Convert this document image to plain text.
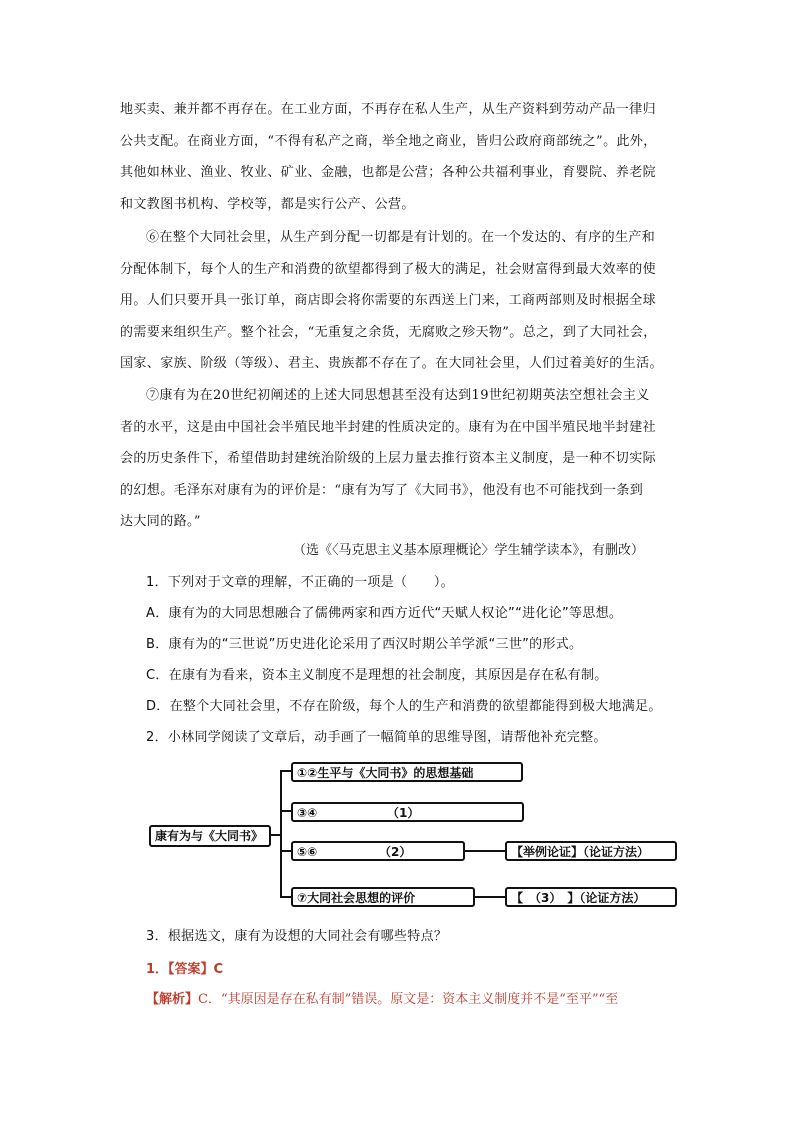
地买卖、兼并都不再存在。在工业方面，不再存在私人生产，从生产资料到劳动产品一律归
公共支配。在商业方面，“不得有私产之商，举全地之商业，皆归公政府商部统之”。此外，
其他如林业、渔业、牧业、矿业、金融，也都是公营；各种公共福利事业，育婴院、养老院
和文教图书机构、学校等，都是实行公产、公营。
⑥在整个大同社会里，从生产到分配一切都是有计划的。在一个发达的、有序的生产和
分配体制下，每个人的生产和消费的欲望都得到了极大的满足，社会财富得到最大效率的使
用。人们只要开具一张订单，商店即会将你需要的东西送上门来，工商两部则及时根据全球
的需要来组织生产。整个社会，“无重复之余货，无腐败之殄天物”。总之，到了大同社会，
国家、家族、阶级（等级）、君主、贵族都不存在了。在大同社会里，人们过着美好的生活。
⑦康有为在20世纪初阐述的上述大同思想甚至没有达到19世纪初期英法空想社会主义
者的水平，这是由中国社会半殖民地半封建的性质决定的。康有为在中国半殖民地半封建社
会的历史条件下，希望借助封建统治阶级的上层力量去推行资本主义制度，是一种不切实际
的幻想。毛泽东对康有为的评价是：“康有为写了《大同书》，他没有也不可能找到一条到
达大同的路。”
（选《〈马克思主义基本原理概论〉学生辅学读本》，有删改）
1．下列对于文章的理解，不正确的一项是（　　）。
A．康有为的大同思想融合了儒佛两家和西方近代“天赋人权论”“进化论”等思想。
B．康有为的“三世说”历史进化论采用了西汉时期公羊学派“三世”的形式。
C．在康有为看来，资本主义制度不是理想的社会制度，其原因是存在私有制。
D．在整个大同社会里，不存在阶级，每个人的生产和消费的欲望都能得到极大地满足。
2．小林同学阅读了文章后，动手画了一幅简单的思维导图，请帮他补充完整。
康有为与《大同书》
①②生平与《大同书》的思想基础
③④	（1）
⑤⑥	（2）	【举例论证】（论证方法）
⑦大同社会思想的评价	【　（3）　】（论证方法）
3．根据选文，康有为设想的大同社会有哪些特点？
1．【答案】C
【解析】C．“其原因是存在私有制”错误。原文是：资本主义制度并不是“至平”“至
